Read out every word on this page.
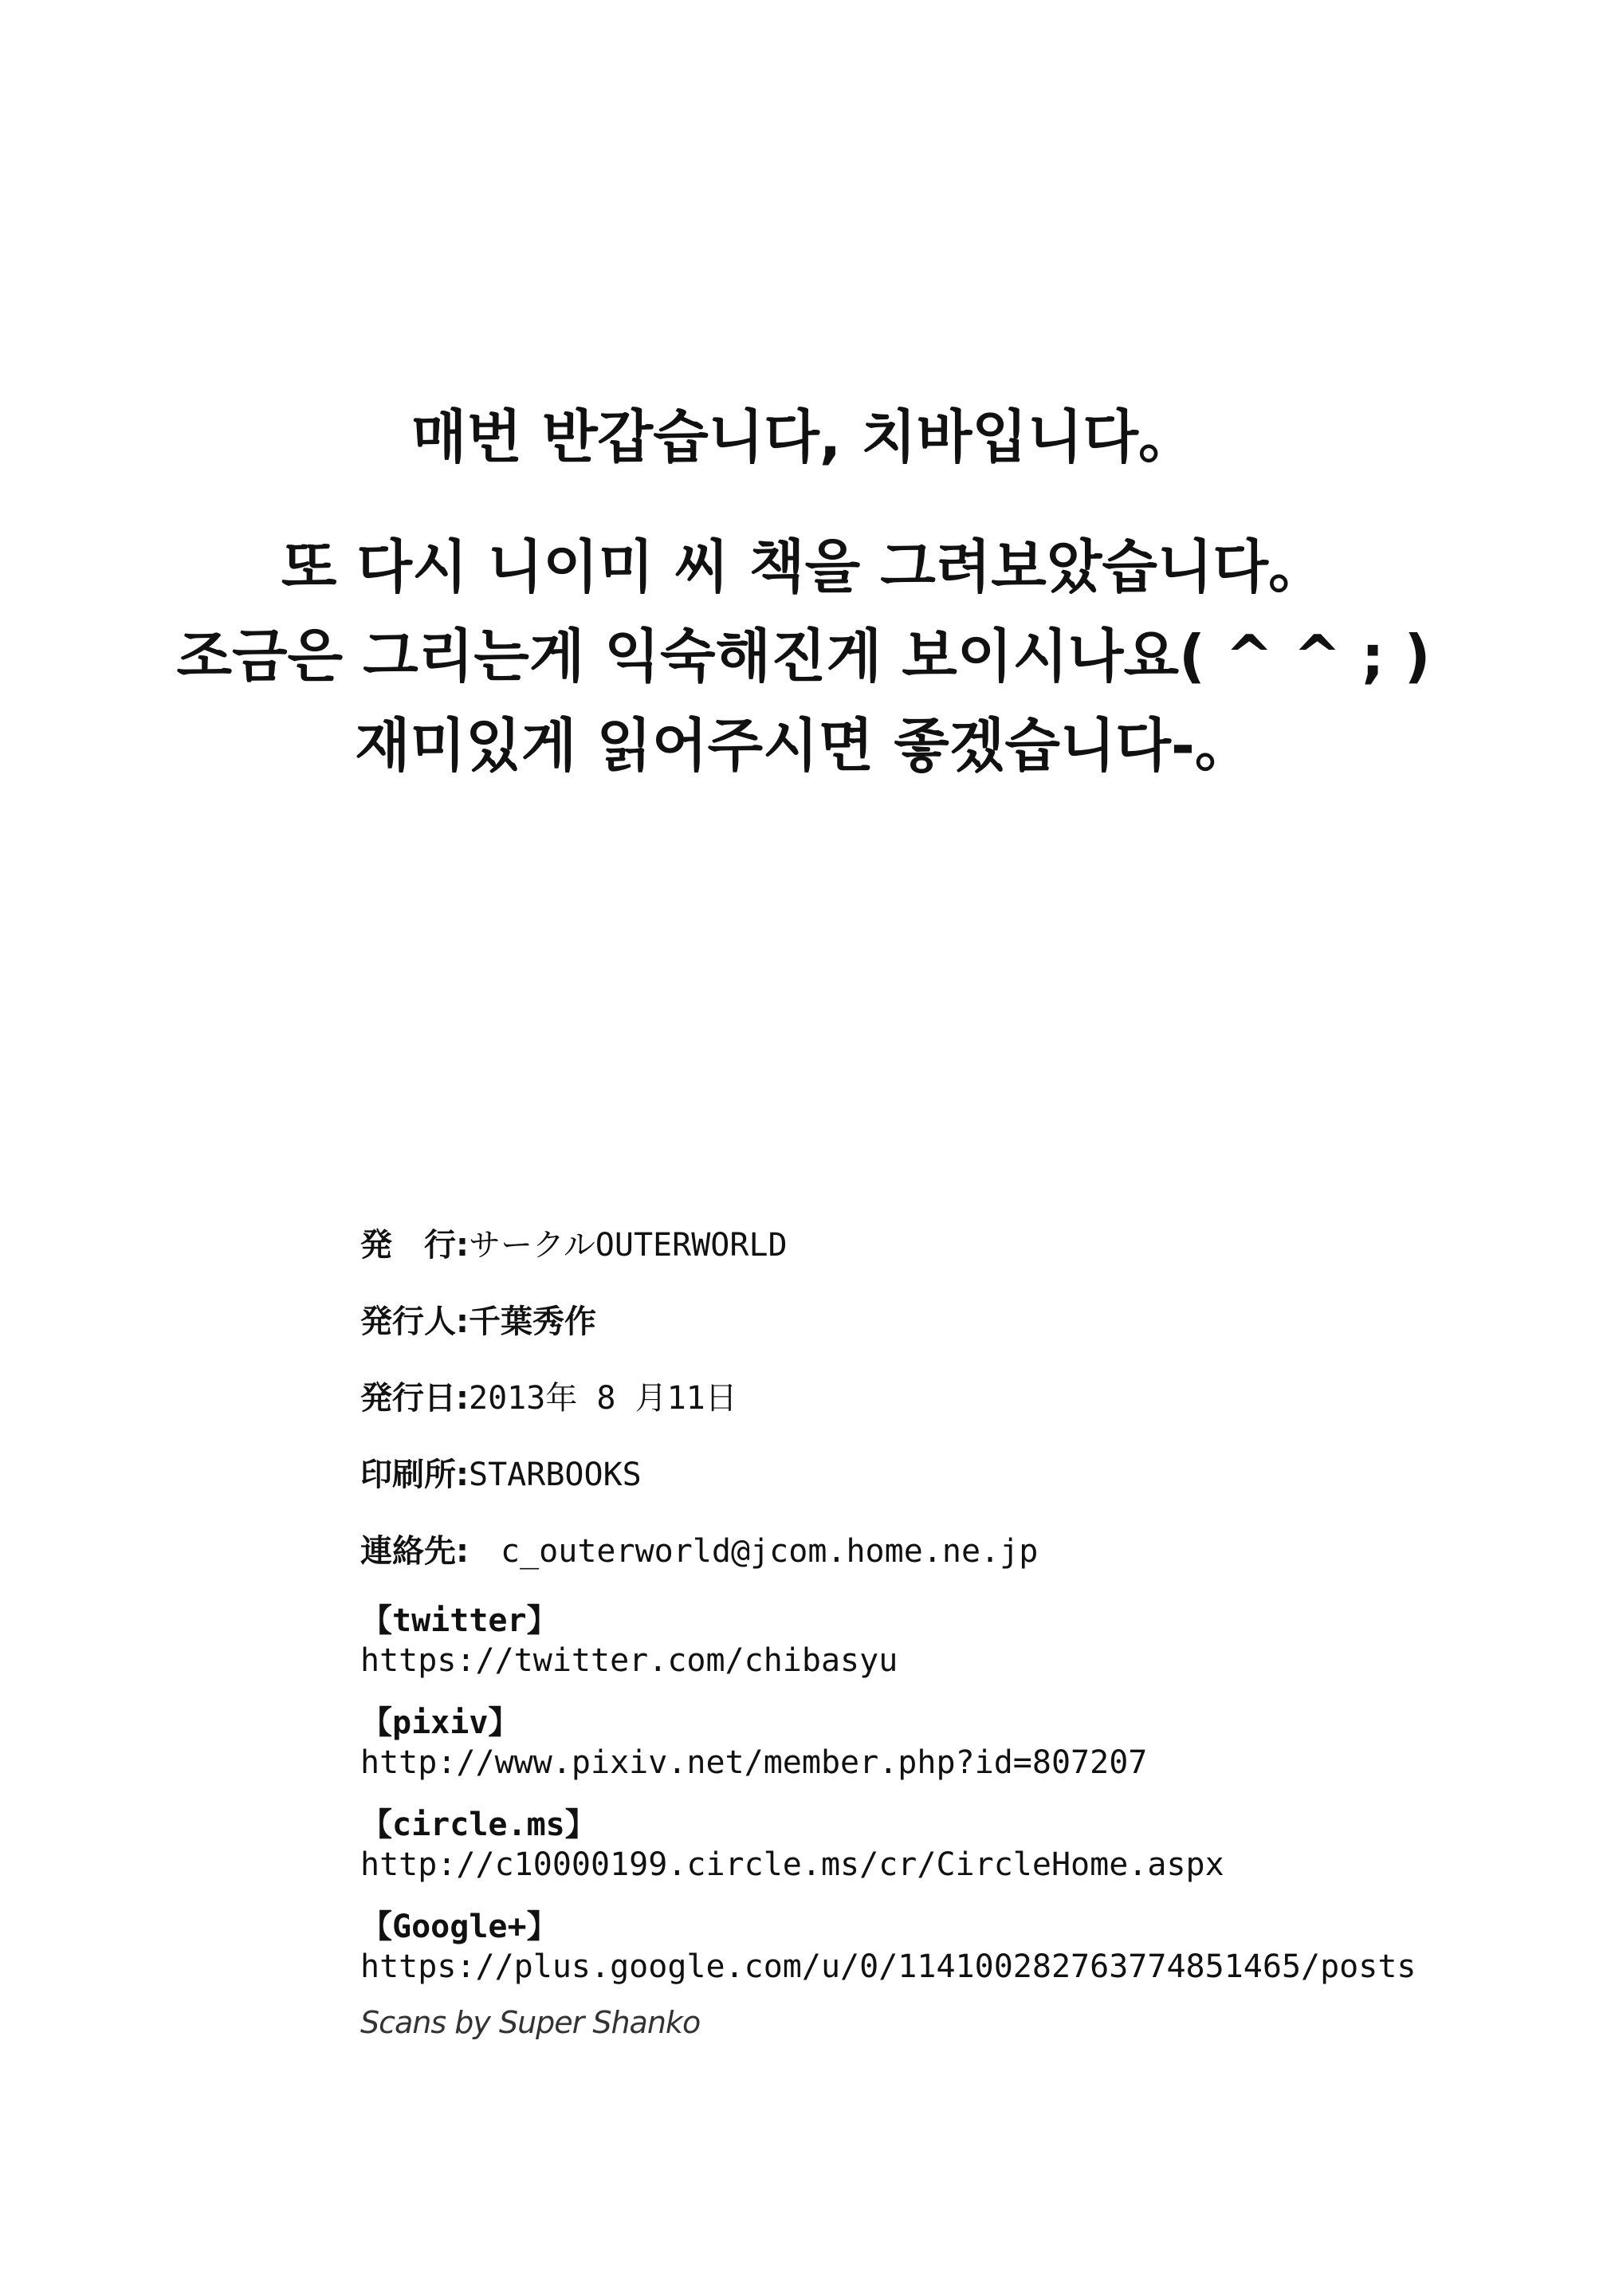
매번 반갑습니다, 치바입니다。

또 다시 니이미 씨 책을 그려보았습니다。

조금은 그리는게 익숙해진게 보이시나요( ^ ^ ; )

재미있게 읽어주시면 좋겠습니다-。

発　行:サークルOUTERWORLD
発行人:千葉秀作
発行日:2013年 8 月11日
印刷所:STARBOOKS
連絡先: c_outerworld@jcom.home.ne.jp
【twitter】
https://twitter.com/chibasyu
【pixiv】
http://www.pixiv.net/member.php?id=807207
【circle.ms】
http://c10000199.circle.ms/cr/CircleHome.aspx
【Google+】
https://plus.google.com/u/0/114100282763774851465/posts
Scans by Super Shanko
